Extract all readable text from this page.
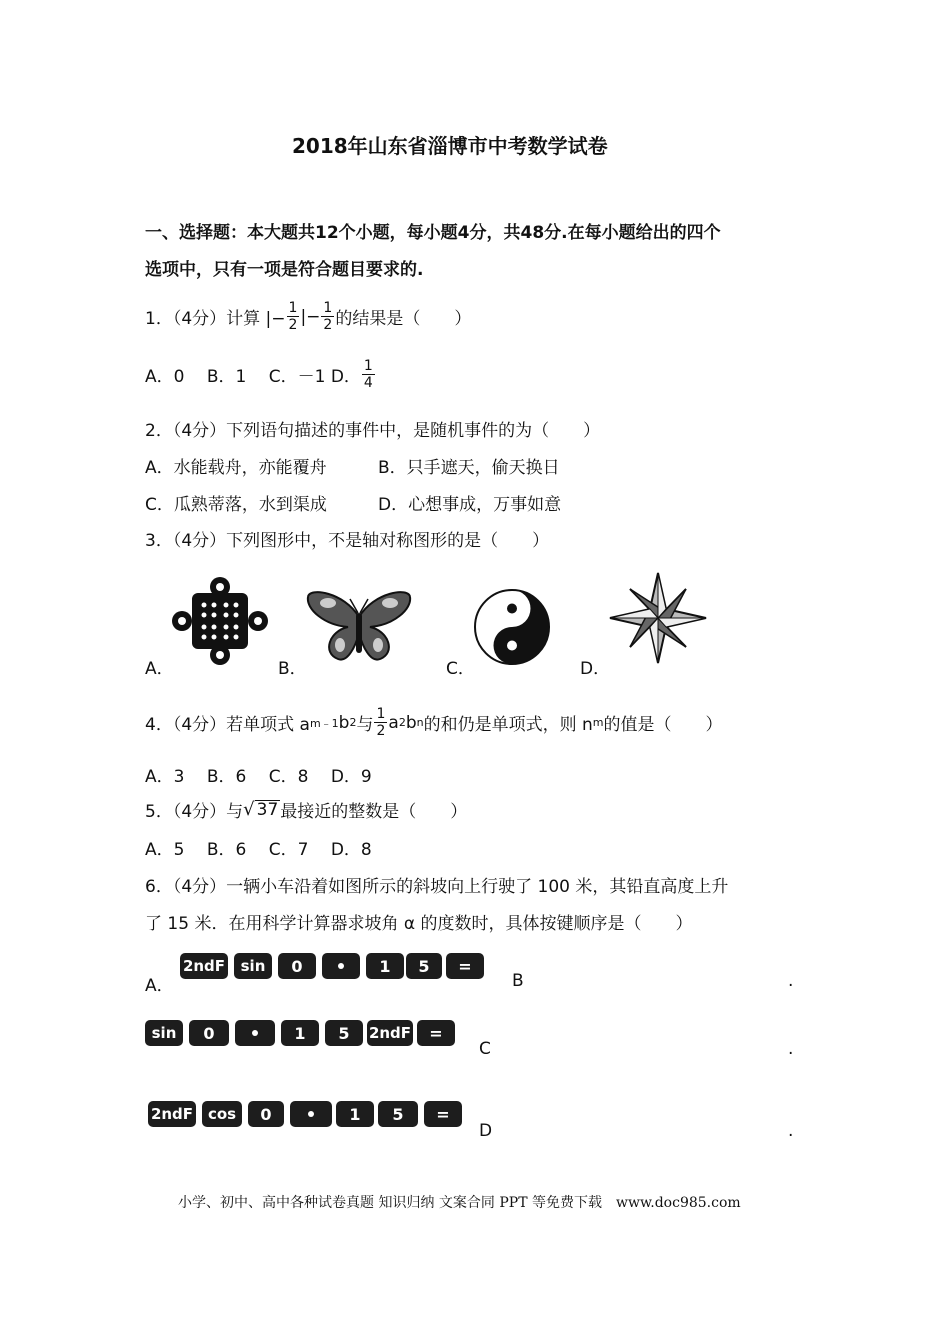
2018年山东省淄博市中考数学试卷
一、选择题：本大题共12个小题，每小题4分，共48分.在每小题给出的四个
选项中，只有一项是符合题目要求的.
1．（4分）计算 |− $\frac{1}{2}$ |− $\frac{1}{2}$ 的结果是（　　）
A．0　 B．1　 C．－1 D． $\frac{1}{4}$
2．（4分）下列语句描述的事件中，是随机事件的为（　　）
A．水能载舟，亦能覆舟	B．只手遮天，偷天换日
C．瓜熟蒂落，水到渠成	D．心想事成，万事如意
3．（4分）下列图形中，不是轴对称图形的是（　　）
A．	B．	C．	D．
4．（4分）若单项式 a m﹣1 b 2 与 $\frac{1}{2}$ a 2 b n 的和仍是单项式，则 n m 的值是（　　）
A．3　 B．6　 C．8　 D．9
5．（4分）与 √ 37 最接近的整数是（　　）
A．5　 B．6　 C．7　 D．8
6．（4分）一辆小车沿着如图所示的斜坡向上行驶了 100 米，其铅直高度上升
了 15 米．在用科学计算器求坡角 α 的度数时，具体按键顺序是（　　）
A．
2ndF	sin	0	1	5	=
B	.
sin	0	1	5	2ndF	=
C	.
2ndF cos	0	1	5	=
D	.
小学、初中、高中各种试卷真题 知识归纳 文案合同 PPT 等免费下载　www.doc985.com
